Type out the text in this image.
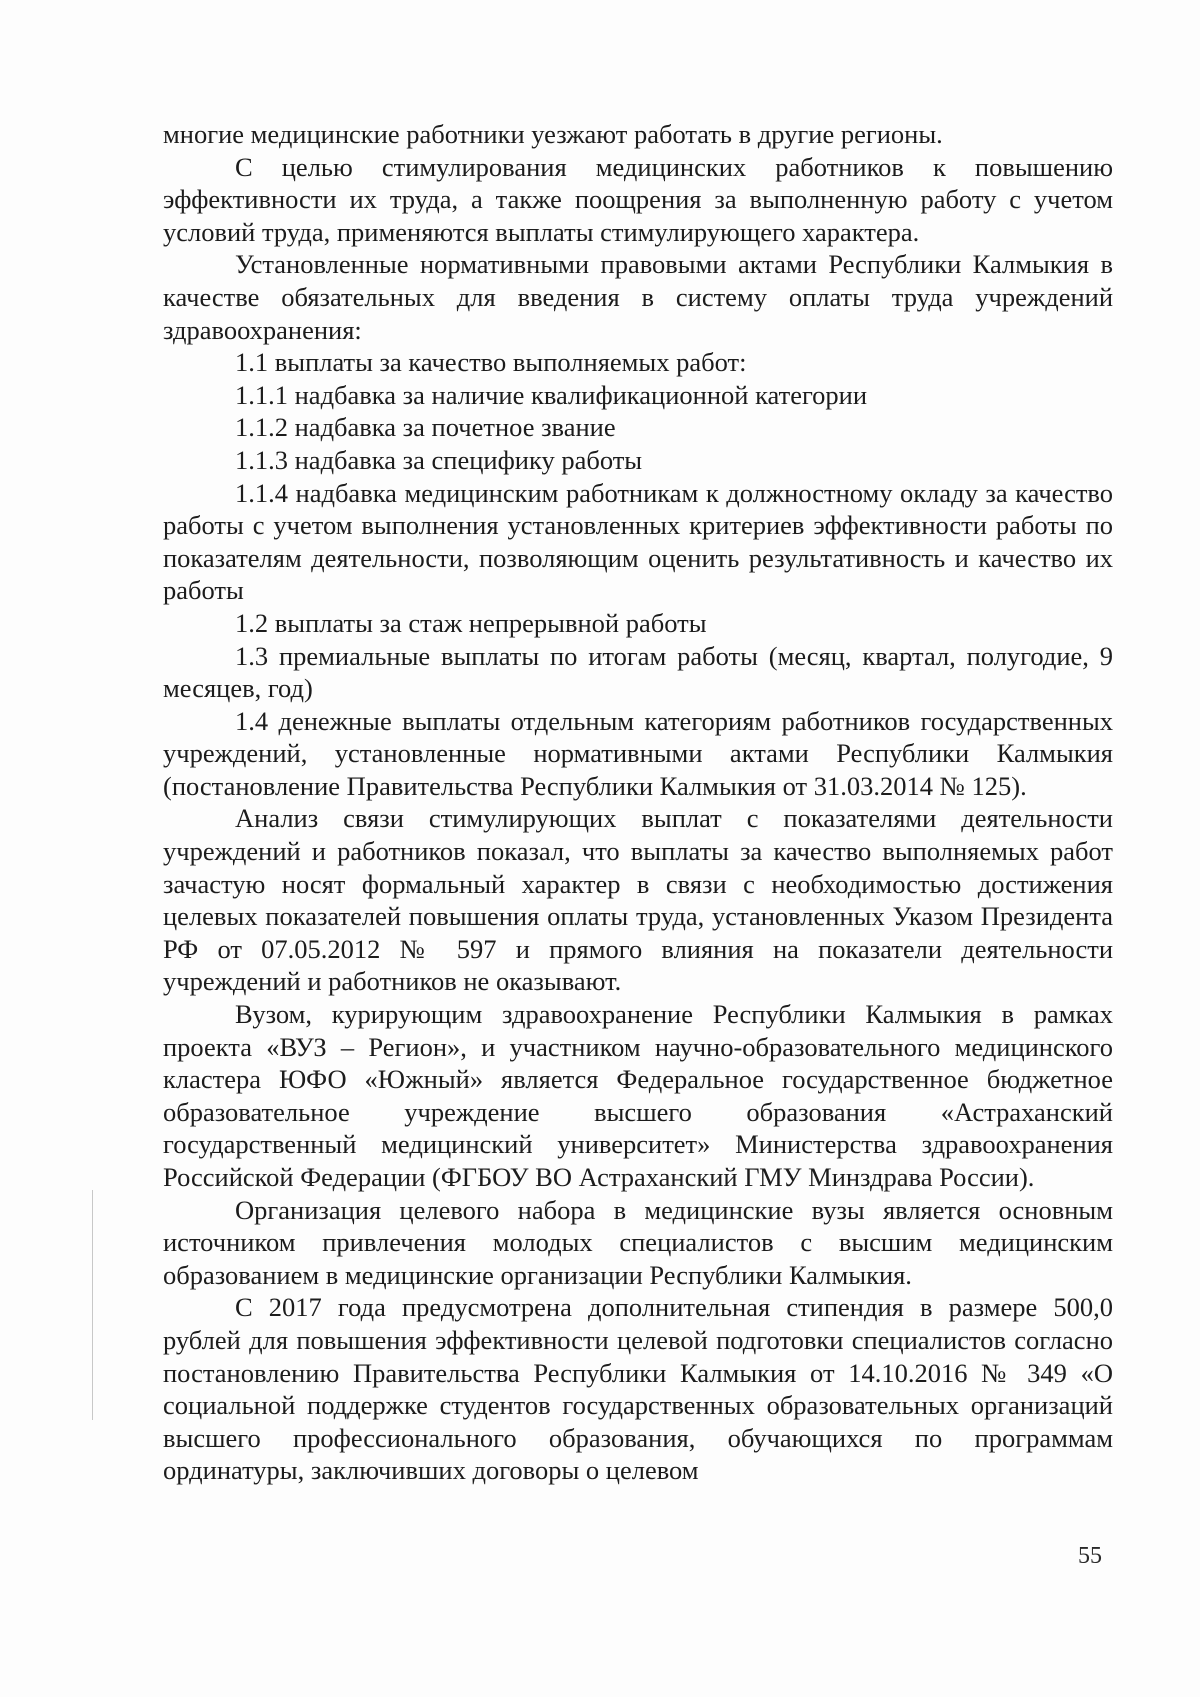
многие медицинские работники уезжают работать в другие регионы.

С целью стимулирования медицинских работников к повышению эффективности их труда, а также поощрения за выполненную работу с учетом условий труда, применяются выплаты стимулирующего характера.

Установленные нормативными правовыми актами Республики Калмыкия в качестве обязательных для введения в систему оплаты труда учреждений здравоохранения:

1.1 выплаты за качество выполняемых работ:

1.1.1 надбавка за наличие квалификационной категории

1.1.2 надбавка за почетное звание

1.1.3 надбавка за специфику работы

1.1.4 надбавка медицинским работникам к должностному окладу за качество работы с учетом выполнения установленных критериев эффективности работы по показателям деятельности, позволяющим оценить результативность и качество их работы

1.2 выплаты за стаж непрерывной работы

1.3 премиальные выплаты по итогам работы (месяц, квартал, полугодие, 9 месяцев, год)

1.4 денежные выплаты отдельным категориям работников государственных учреждений, установленные нормативными актами Республики Калмыкия (постановление Правительства Республики Калмыкия от 31.03.2014 № 125).

Анализ связи стимулирующих выплат с показателями деятельности учреждений и работников показал, что выплаты за качество выполняемых работ зачастую носят формальный характер в связи с необходимостью достижения целевых показателей повышения оплаты труда, установленных Указом Президента РФ от 07.05.2012 № 597 и прямого влияния на показатели деятельности учреждений и работников не оказывают.

Вузом, курирующим здравоохранение Республики Калмыкия в рамках проекта «ВУЗ – Регион», и участником научно-образовательного медицинского кластера ЮФО «Южный» является Федеральное государственное бюджетное образовательное учреждение высшего образования «Астраханский государственный медицинский университет» Министерства здравоохранения Российской Федерации (ФГБОУ ВО Астраханский ГМУ Минздрава России).

Организация целевого набора в медицинские вузы является основным источником привлечения молодых специалистов с высшим медицинским образованием в медицинские организации Республики Калмыкия.

С 2017 года предусмотрена дополнительная стипендия в размере 500,0 рублей для повышения эффективности целевой подготовки специалистов согласно постановлению Правительства Республики Калмыкия от 14.10.2016 № 349 «О социальной поддержке студентов государственных образовательных организаций высшего профессионального образования, обучающихся по программам ординатуры, заключивших договоры о целевом

55
